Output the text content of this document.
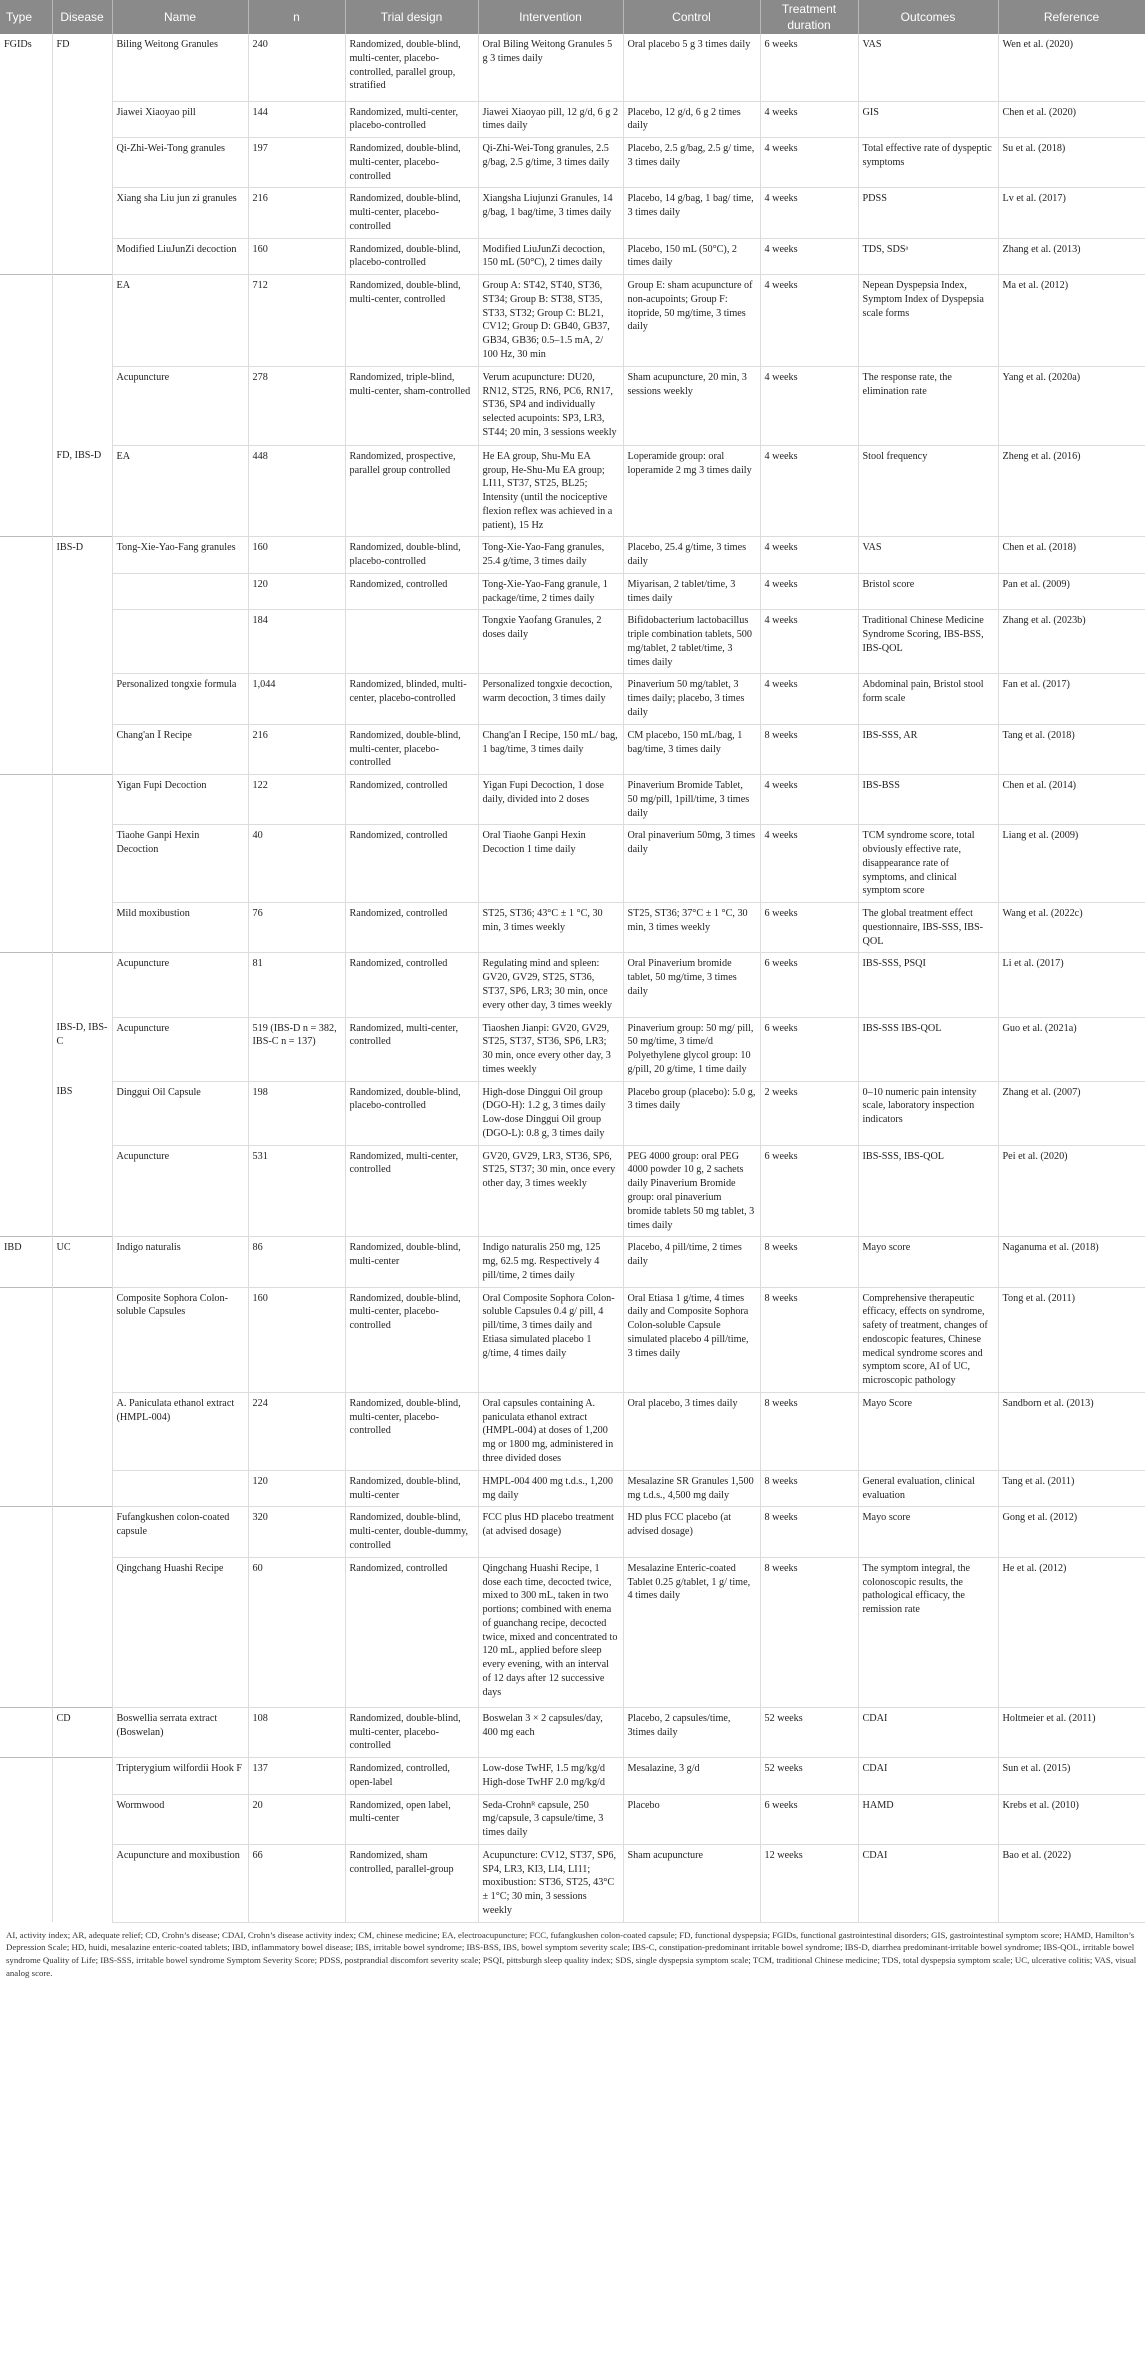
Type	Disease	Name	n	Trial design	Intervention	Control	Treatment duration	Outcomes	Reference
FGIDs	FD	Biling Weitong Granules	240	Randomized, double-blind, multi-center, placebo-controlled, parallel group, stratified	Oral Biling Weitong Granules 5 g 3 times daily	Oral placebo 5 g 3 times daily	6 weeks	VAS	Wen et al. (2020)
		Jiawei Xiaoyao pill	144	Randomized, multi-center, placebo-controlled	Jiawei Xiaoyao pill, 12 g/d, 6 g 2 times daily	Placebo, 12 g/d, 6 g 2 times daily	4 weeks	GIS	Chen et al. (2020)
		Qi-Zhi-Wei-Tong granules	197	Randomized, double-blind, multi-center, placebo-controlled	Qi-Zhi-Wei-Tong granules, 2.5 g/bag, 2.5 g/time, 3 times daily	Placebo, 2.5 g/bag, 2.5 g/ time, 3 times daily	4 weeks	Total effective rate of dyspeptic symptoms	Su et al. (2018)
		Xiang sha Liu jun zi granules	216	Randomized, double-blind, multi-center, placebo-controlled	Xiangsha Liujunzi Granules, 14 g/bag, 1 bag/time, 3 times daily	Placebo, 14 g/bag, 1 bag/ time, 3 times daily	4 weeks	PDSS	Lv et al. (2017)
		Modified LiuJunZi decoction	160	Randomized, double-blind, placebo-controlled	Modified LiuJunZi decoction, 150 mL (50°C), 2 times daily	Placebo, 150 mL (50°C), 2 times daily	4 weeks	TDS, SDSᵃ	Zhang et al. (2013)
		EA	712	Randomized, double-blind, multi-center, controlled	Group A: ST42, ST40, ST36, ST34; Group B: ST38, ST35, ST33, ST32; Group C: BL21, CV12; Group D: GB40, GB37, GB34, GB36; 0.5–1.5 mA, 2/ 100 Hz, 30 min	Group E: sham acupuncture of non-acupoints; Group F: itopride, 50 mg/time, 3 times daily	4 weeks	Nepean Dyspepsia Index, Symptom Index of Dyspepsia scale forms	Ma et al. (2012)
		Acupuncture	278	Randomized, triple-blind, multi-center, sham-controlled	Verum acupuncture: DU20, RN12, ST25, RN6, PC6, RN17, ST36, SP4 and individually selected acupoints: SP3, LR3, ST44; 20 min, 3 sessions weekly	Sham acupuncture, 20 min, 3 sessions weekly	4 weeks	The response rate, the elimination rate	Yang et al. (2020a)
	FD, IBS-D	EA	448	Randomized, prospective, parallel group controlled	He EA group, Shu-Mu EA group, He-Shu-Mu EA group; LI11, ST37, ST25, BL25; Intensity (until the nociceptive flexion reflex was achieved in a patient), 15 Hz	Loperamide group: oral loperamide 2 mg 3 times daily	4 weeks	Stool frequency	Zheng et al. (2016)
	IBS-D	Tong-Xie-Yao-Fang granules	160	Randomized, double-blind, placebo-controlled	Tong-Xie-Yao-Fang granules, 25.4 g/time, 3 times daily	Placebo, 25.4 g/time, 3 times daily	4 weeks	VAS	Chen et al. (2018)
			120	Randomized, controlled	Tong-Xie-Yao-Fang granule, 1 package/time, 2 times daily	Miyarisan, 2 tablet/time, 3 times daily	4 weeks	Bristol score	Pan et al. (2009)
			184		Tongxie Yaofang Granules, 2 doses daily	Bifidobacterium lactobacillus triple combination tablets, 500 mg/tablet, 2 tablet/time, 3 times daily	4 weeks	Traditional Chinese Medicine Syndrome Scoring, IBS-BSS, IBS-QOL	Zhang et al. (2023b)
		Personalized tongxie formula	1,044	Randomized, blinded, multi-center, placebo-controlled	Personalized tongxie decoction, warm decoction, 3 times daily	Pinaverium 50 mg/tablet, 3 times daily; placebo, 3 times daily	4 weeks	Abdominal pain, Bristol stool form scale	Fan et al. (2017)
		Chang'an Ⅰ Recipe	216	Randomized, double-blind, multi-center, placebo-controlled	Chang'an Ⅰ Recipe, 150 mL/ bag, 1 bag/time, 3 times daily	CM placebo, 150 mL/bag, 1 bag/time, 3 times daily	8 weeks	IBS-SSS, AR	Tang et al. (2018)
		Yigan Fupi Decoction	122	Randomized, controlled	Yigan Fupi Decoction, 1 dose daily, divided into 2 doses	Pinaverium Bromide Tablet, 50 mg/pill, 1pill/time, 3 times daily	4 weeks	IBS-BSS	Chen et al. (2014)
		Tiaohe Ganpi Hexin Decoction	40	Randomized, controlled	Oral Tiaohe Ganpi Hexin Decoction 1 time daily	Oral pinaverium 50mg, 3 times daily	4 weeks	TCM syndrome score, total obviously effective rate, disappearance rate of symptoms, and clinical symptom score	Liang et al. (2009)
		Mild moxibustion	76	Randomized, controlled	ST25, ST36; 43°C ± 1 °C, 30 min, 3 times weekly	ST25, ST36; 37°C ± 1 °C, 30 min, 3 times weekly	6 weeks	The global treatment effect questionnaire, IBS-SSS, IBS-QOL	Wang et al. (2022c)
		Acupuncture	81	Randomized, controlled	Regulating mind and spleen: GV20, GV29, ST25, ST36, ST37, SP6, LR3; 30 min, once every other day, 3 times weekly	Oral Pinaverium bromide tablet, 50 mg/time, 3 times daily	6 weeks	IBS-SSS, PSQI	Li et al. (2017)
	IBS-D, IBS-C	Acupuncture	519 (IBS-D n = 382, IBS-C n = 137)	Randomized, multi-center, controlled	Tiaoshen Jianpi: GV20, GV29, ST25, ST37, ST36, SP6, LR3; 30 min, once every other day, 3 times weekly	Pinaverium group: 50 mg/ pill, 50 mg/time, 3 time/d Polyethylene glycol group: 10 g/pill, 20 g/time, 1 time daily	6 weeks	IBS-SSS IBS-QOL	Guo et al. (2021a)
	IBS	Dinggui Oil Capsule	198	Randomized, double-blind, placebo-controlled	High-dose Dinggui Oil group (DGO-H): 1.2 g, 3 times daily Low-dose Dinggui Oil group (DGO-L): 0.8 g, 3 times daily	Placebo group (placebo): 5.0 g, 3 times daily	2 weeks	0–10 numeric pain intensity scale, laboratory inspection indicators	Zhang et al. (2007)
		Acupuncture	531	Randomized, multi-center, controlled	GV20, GV29, LR3, ST36, SP6, ST25, ST37; 30 min, once every other day, 3 times weekly	PEG 4000 group: oral PEG 4000 powder 10 g, 2 sachets daily Pinaverium Bromide group: oral pinaverium bromide tablets 50 mg tablet, 3 times daily	6 weeks	IBS-SSS, IBS-QOL	Pei et al. (2020)
IBD	UC	Indigo naturalis	86	Randomized, double-blind, multi-center	Indigo naturalis 250 mg, 125 mg, 62.5 mg. Respectively 4 pill/time, 2 times daily	Placebo, 4 pill/time, 2 times daily	8 weeks	Mayo score	Naganuma et al. (2018)
		Composite Sophora Colon-soluble Capsules	160	Randomized, double-blind, multi-center, placebo-controlled	Oral Composite Sophora Colon-soluble Capsules 0.4 g/ pill, 4 pill/time, 3 times daily and Etiasa simulated placebo 1 g/time, 4 times daily	Oral Etiasa 1 g/time, 4 times daily and Composite Sophora Colon-soluble Capsule simulated placebo 4 pill/time, 3 times daily	8 weeks	Comprehensive therapeutic efficacy, effects on syndrome, safety of treatment, changes of endoscopic features, Chinese medical syndrome scores and symptom score, AI of UC, microscopic pathology	Tong et al. (2011)
		A. Paniculata ethanol extract (HMPL-004)	224	Randomized, double-blind, multi-center, placebo-controlled	Oral capsules containing A. paniculata ethanol extract (HMPL-004) at doses of 1,200 mg or 1800 mg, administered in three divided doses	Oral placebo, 3 times daily	8 weeks	Mayo Score	Sandborn et al. (2013)
			120	Randomized, double-blind, multi-center	HMPL-004 400 mg t.d.s., 1,200 mg daily	Mesalazine SR Granules 1,500 mg t.d.s., 4,500 mg daily	8 weeks	General evaluation, clinical evaluation	Tang et al. (2011)
		Fufangkushen colon-coated capsule	320	Randomized, double-blind, multi-center, double-dummy, controlled	FCC plus HD placebo treatment (at advised dosage)	HD plus FCC placebo (at advised dosage)	8 weeks	Mayo score	Gong et al. (2012)
		Qingchang Huashi Recipe	60	Randomized, controlled	Qingchang Huashi Recipe, 1 dose each time, decocted twice, mixed to 300 mL, taken in two portions; combined with enema of guanchang recipe, decocted twice, mixed and concentrated to 120 mL, applied before sleep every evening, with an interval of 12 days after 12 successive days	Mesalazine Enteric-coated Tablet 0.25 g/tablet, 1 g/ time, 4 times daily	8 weeks	The symptom integral, the colonoscopic results, the pathological efficacy, the remission rate	He et al. (2012)
	CD	Boswellia serrata extract (Boswelan)	108	Randomized, double-blind, multi-center, placebo-controlled	Boswelan 3 × 2 capsules/day, 400 mg each	Placebo, 2 capsules/time, 3times daily	52 weeks	CDAI	Holtmeier et al. (2011)
		Tripterygium wilfordii Hook F	137	Randomized, controlled, open-label	Low-dose TwHF, 1.5 mg/kg/d High-dose TwHF 2.0 mg/kg/d	Mesalazine, 3 g/d	52 weeks	CDAI	Sun et al. (2015)
		Wormwood	20	Randomized, open label, multi-center	Seda-Crohnᴿ capsule, 250 mg/capsule, 3 capsule/time, 3 times daily	Placebo	6 weeks	HAMD	Krebs et al. (2010)
		Acupuncture and moxibustion	66	Randomized, sham controlled, parallel-group	Acupuncture: CV12, ST37, SP6, SP4, LR3, KI3, LI4, LI11; moxibustion: ST36, ST25, 43°C ± 1°C; 30 min, 3 sessions weekly	Sham acupuncture	12 weeks	CDAI	Bao et al. (2022)
AI, activity index; AR, adequate relief; CD, Crohn’s disease; CDAI, Crohn’s disease activity index; CM, chinese medicine; EA, electroacupuncture; FCC, fufangkushen colon-coated capsule; FD, functional dyspepsia; FGIDs, functional gastrointestinal disorders; GIS, gastrointestinal symptom score; HAMD, Hamilton’s Depression Scale; HD, huidi, mesalazine enteric-coated tablets; IBD, inflammatory bowel disease; IBS, irritable bowel syndrome; IBS-BSS, IBS, bowel symptom severity scale; IBS-C, constipation-predominant irritable bowel syndrome; IBS-D, diarrhea predominant-irritable bowel syndrome; IBS-QOL, irritable bowel syndrome Quality of Life; IBS-SSS, irritable bowel syndrome Symptom Severity Score; PDSS, postprandial discomfort severity scale; PSQI, pittsburgh sleep quality index; SDS, single dyspepsia symptom scale; TCM, traditional Chinese medicine; TDS, total dyspepsia symptom scale; UC, ulcerative colitis; VAS, visual analog score.
